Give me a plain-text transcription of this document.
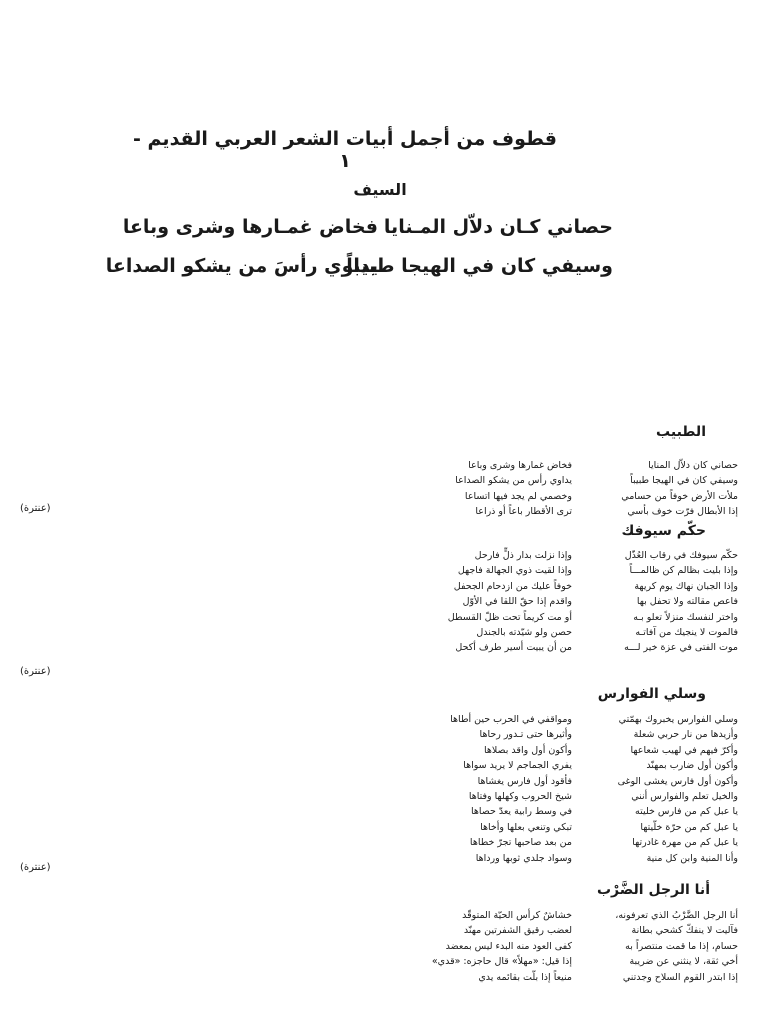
قطوف من أجمل أبيات الشعر العربي القديم - ١
السيف
حصاني كـان دلاّل المـنايا
فخاض غمـارها وشرى وباعا
وسيفي كان في الهيجا طبيباً
يداوي رأسَ من يشكو الصداعا
الطبيب
حصاني كان دلاّل المنايا
وسيفي كان في الهيجا طبيباً
ملأت الأرض خوفاً من حسامي
إذا الأبطال فرّت خوف بأسي
فخاض غمارها وشرى وباعا
يداوي رأس من يشكو الصداعا
وخصمي لم يجد فيها اتساعا
ترى الأقطار باعاً أو ذراعا
(عنترة)
حكّم سيوفك
حكّم سيوفك في رقاب العُذّل
وإذا بليت بظالم كن ظالمـــاً
وإذا الجبان نهاك يوم كريهة
فاعص مقالته ولا تحفل بها
واختر لنفسك منزلاً تعلو بـه
فالموت لا ينجيك من آفاتـه
موت الفتى في عزة خير لـــه
وإذا نزلت بدار ذلٍّ فارحل
وإذا لقيت ذوي الجهالة فاجهل
خوفاً عليك من ازدحام الجحفل
واقدم إذا حقّ اللقا في الأوّل
أو مت كريماً تحت ظلّ القسطل
حصن ولو شيّدته بالجندل
من أن يبيت أسير طرف أكحل
(عنترة)
وسلي الفوارس
وسلي الفوارس يخبروك بهمّتي
وأزيدها من نار حربي شعلة
وأكرّ فيهم في لهيب شعاعها
وأكون أول ضارب بمهنّد
وأكون أول فارس يغشى الوغى
والخيل تعلم والفوارس أنني
يا عبل كم من فارس خليته
يا عبل كم من حرّة خلّيتها
يا عبل كم من مهرة غادرتها
وأنا المنية وابن كل منية
ومواقفي في الحرب حين أطاها
وأثيرها حتى تـدور رحاها
وأكون أول واقد بصلاها
يفري الجماجم لا يريد سواها
فأقود أول فارس يغشاها
شيخ الحروب وكهلها وفتاها
في وسط رابية يعدّ حصاها
تبكي وتنعي بعلها وأخاها
من بعد صاحبها تجرّ خطاها
وسواد جلدي ثوبها ورداها
(عنترة)
أنا الرجل الضَّرْب
أنا الرجل الضَّرْبُ الذي تعرفونه،
فآليت لا ينفكّ كشحي بطانة
حسام، إذا ما قمت منتصراً به
أخي ثقة، لا ينثني عن ضريبة
إذا ابتدر القوم السلاح وجدتني
خشاشٌ كرأس الحيّة المتوقّد
لعضب رقيق الشفرتين مهنّد
كفى العود منه البدء ليس بمعضد
إذا قيل: «مهلاً» قال حاجزه: «قدي»
منيعاً إذا بلّت بقائمه يدي
